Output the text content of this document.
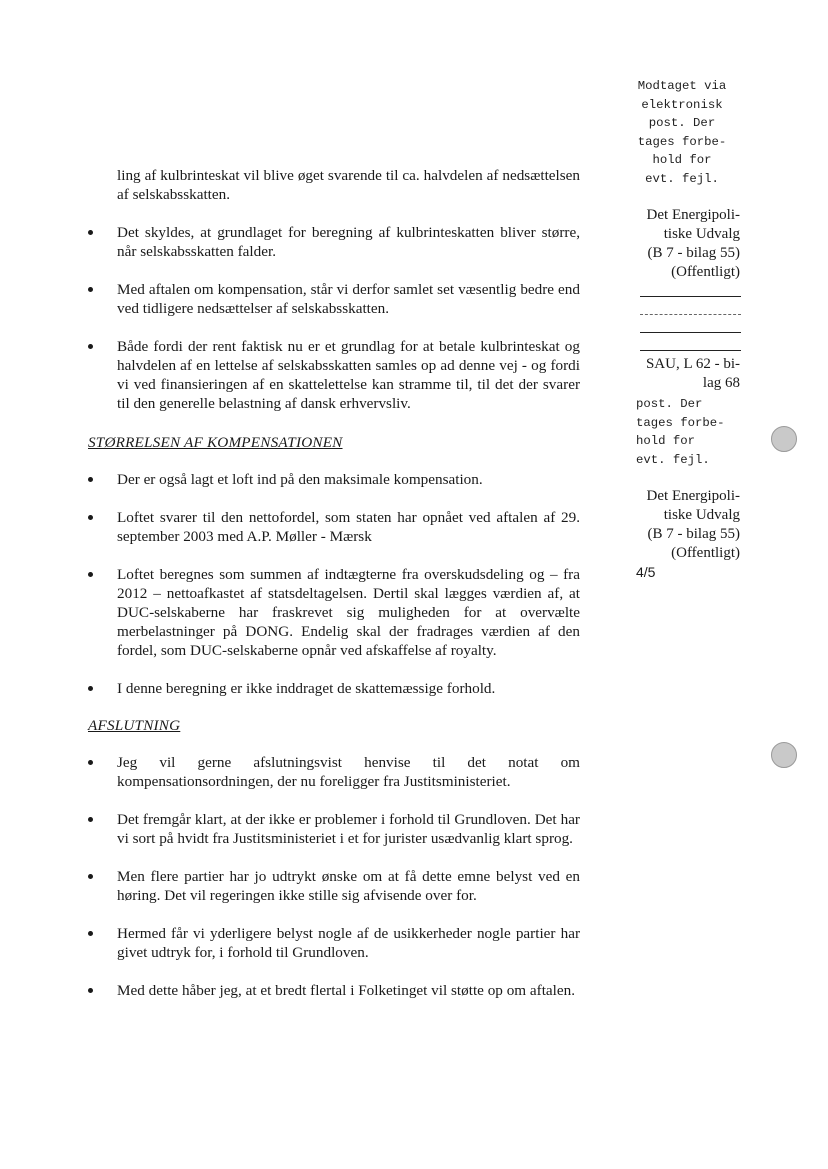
Modtaget via
elektronisk
post. Der
tages forbe-
hold for
evt. fejl.
Det Energipoli-
tiske Udvalg
(B 7 - bilag 55)
(Offentligt)
SAU, L 62 - bi-
lag 68
post. Der
tages forbe-
hold for
evt. fejl.
Det Energipoli-
tiske Udvalg
(B 7 - bilag 55)
(Offentligt)
4/5

ling af kulbrinteskat vil blive øget svarende til ca. halvdelen af nedsættelsen af selskabsskatten.

Det skyldes, at grundlaget for beregning af kulbrinteskatten bliver større, når selskabsskatten falder.
Med aftalen om kompensation, står vi derfor samlet set væsentlig bedre end ved tidligere nedsættelser af selskabsskatten.
Både fordi der rent faktisk nu er et grundlag for at betale kulbrinteskat og halvdelen af en lettelse af selskabsskatten samles op ad denne vej - og fordi vi ved finansieringen af en skattelettelse kan stramme til, til det der svarer til den generelle belastning af dansk erhvervsliv.
STØRRELSEN AF KOMPENSATIONEN
Der er også lagt et loft ind på den maksimale kompensation.
Loftet svarer til den nettofordel, som staten har opnået ved aftalen af 29. september 2003 med A.P. Møller - Mærsk
Loftet beregnes som summen af indtægterne fra overskudsdeling og – fra 2012 – nettoafkastet af statsdeltagelsen. Dertil skal lægges værdien af, at DUC-selskaberne har fraskrevet sig muligheden for at overvælte merbelastninger på DONG. Endelig skal der fradrages værdien af den fordel, som DUC-selskaberne opnår ved afskaffelse af royalty.
I denne beregning er ikke inddraget de skattemæssige forhold.
AFSLUTNING
Jeg vil gerne afslutningsvist henvise til det notat om kompensationsordningen, der nu foreligger fra Justitsministeriet.
Det fremgår klart, at der ikke er problemer i forhold til Grundloven. Det har vi sort på hvidt fra Justitsministeriet i et for jurister usædvanlig klart sprog.
Men flere partier har jo udtrykt ønske om at få dette emne belyst ved en høring. Det vil regeringen ikke stille sig afvisende over for.
Hermed får vi yderligere belyst nogle af de usikkerheder nogle partier har givet udtryk for, i forhold til Grundloven.
Med dette håber jeg, at et bredt flertal i Folketinget vil støtte op om aftalen.
